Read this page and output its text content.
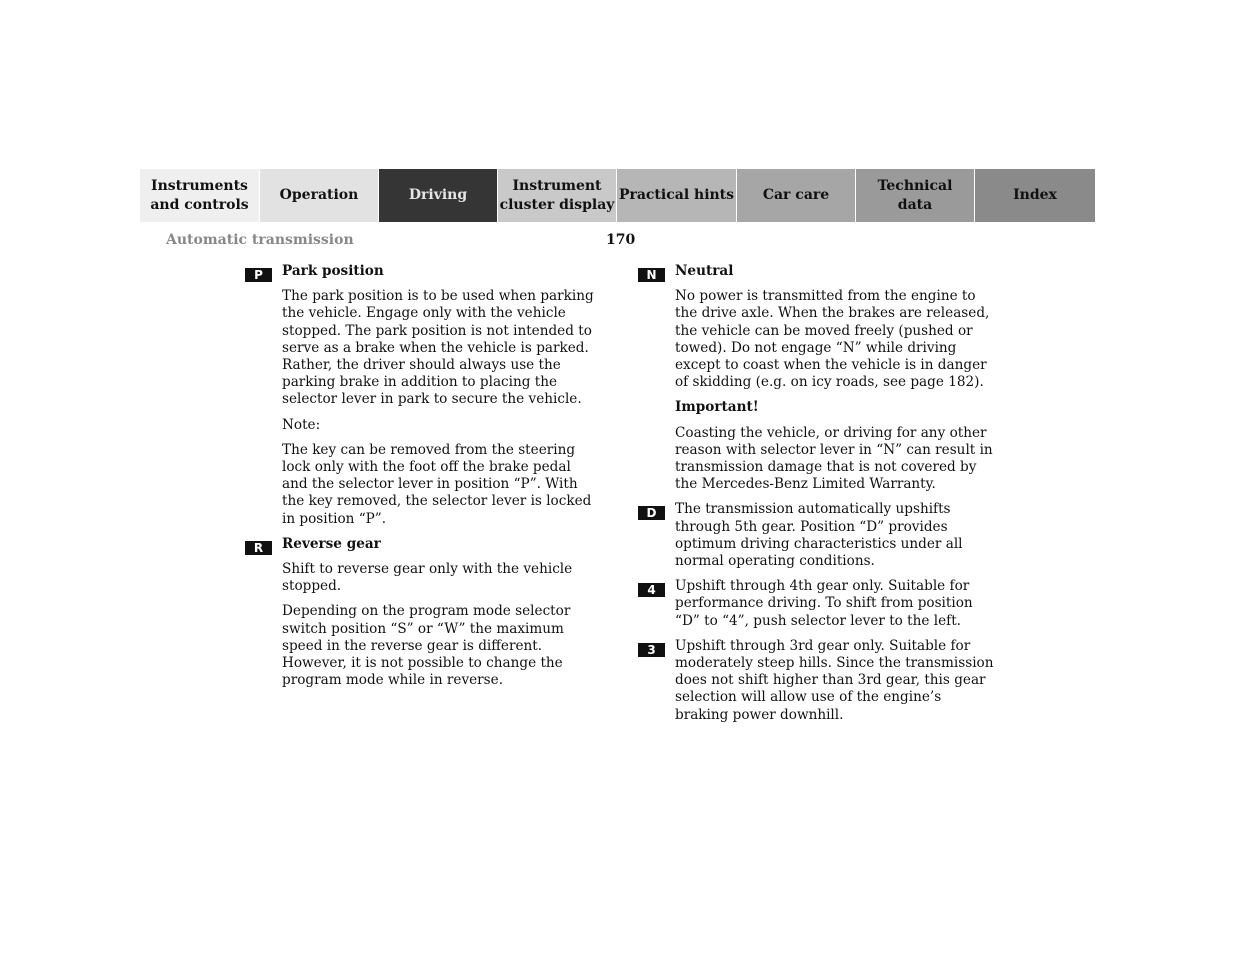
Instruments
and controls
Operation	Driving
Instrument
cluster display
Practical hints	Car care
Technical
data
Index
Automatic transmission	170
P	Park position

The park position is to be used when parking the vehicle. Engage only with the vehicle stopped. The park position is not intended to serve as a brake when the vehicle is parked. Rather, the driver should always use the parking brake in addition to placing the selector lever in park to secure the vehicle.

Note:

The key can be removed from the steering lock only with the foot off the brake pedal and the selector lever in position “P”. With the key removed, the selector lever is locked in position “P”.

R	Reverse gear

Shift to reverse gear only with the vehicle stopped.

Depending on the program mode selector switch position “S” or “W” the maximum speed in the reverse gear is different. However, it is not possible to change the program mode while in reverse.

N	Neutral

No power is transmitted from the engine to the drive axle. When the brakes are released, the vehicle can be moved freely (pushed or towed). Do not engage “N” while driving except to coast when the vehicle is in danger of skidding (e.g. on icy roads, see page 182).

Important!

Coasting the vehicle, or driving for any other reason with selector lever in “N” can result in transmission damage that is not covered by the Mercedes-Benz Limited Warranty.

D	The transmission automatically upshifts through 5th gear. Position “D” provides optimum driving characteristics under all normal operating conditions.

4	Upshift through 4th gear only. Suitable for performance driving. To shift from position “D” to “4”, push selector lever to the left.

3	Upshift through 3rd gear only. Suitable for moderately steep hills. Since the transmission does not shift higher than 3rd gear, this gear selection will allow use of the engine’s braking power downhill.
